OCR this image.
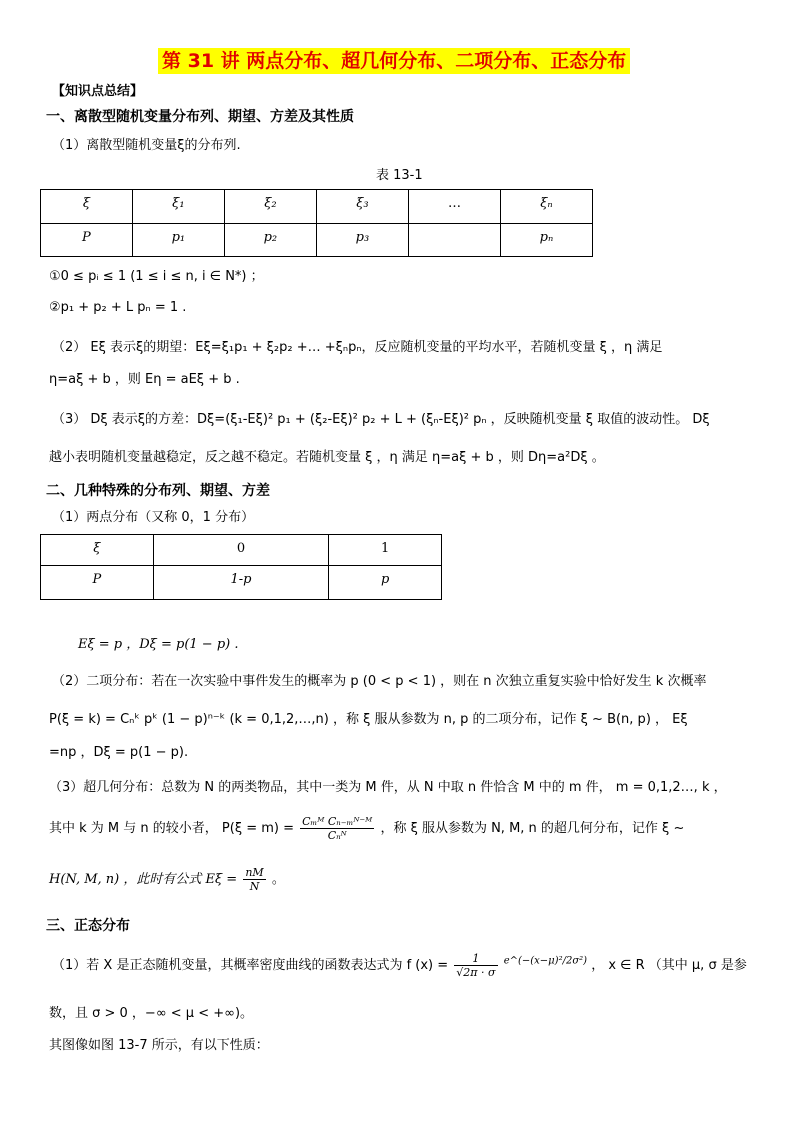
第 31 讲 两点分布、超几何分布、二项分布、正态分布
【知识点总结】
一、离散型随机变量分布列、期望、方差及其性质
（1）离散型随机变量ξ的分布列.
表 13-1
ξ	ξ₁	ξ₂	ξ₃	…	ξₙ
P	p₁	p₂	p₃		pₙ
①0 ≤ pᵢ ≤ 1 (1 ≤ i ≤ n, i ∈ N*) ；
②p₁ + p₂ + L pₙ = 1 .
（2） Eξ 表示ξ的期望：Eξ=ξ₁p₁ + ξ₂p₂ +… +ξₙpₙ，反应随机变量的平均水平，若随机变量 ξ ，η 满足
η=aξ + b ，则 Eη = aEξ + b .
（3） Dξ 表示ξ的方差：Dξ=(ξ₁-Eξ)² p₁ + (ξ₂-Eξ)² p₂ + L + (ξₙ-Eξ)² pₙ ，反映随机变量 ξ 取值的波动性。 Dξ
越小表明随机变量越稳定，反之越不稳定。若随机变量 ξ ，η 满足 η=aξ + b ，则 Dη=a²Dξ 。
二、几种特殊的分布列、期望、方差
（1）两点分布（又称 0，1 分布）
ξ	0	1
P	1-p	p
Eξ = p ，Dξ = p(1 − p) .
（2）二项分布：若在一次实验中事件发生的概率为 p (0 < p < 1) ，则在 n 次独立重复实验中恰好发生 k 次概率
P(ξ = k) = Cₙᵏ pᵏ (1 − p)ⁿ⁻ᵏ (k = 0,1,2,…,n) ，称 ξ 服从参数为 n, p 的二项分布，记作 ξ ~ B(n, p) ， Eξ
=np ，Dξ = p(1 − p).
（3）超几何分布：总数为 N 的两类物品，其中一类为 M 件，从 N 中取 n 件恰含 M 中的 m 件， m = 0,1,2…, k ，
其中 k 为 M 与 n 的较小者， $P(\xi = m) = \frac{\text{Cₘᴹ Cₙ₋ₘᴺ⁻ᴹ}}{\text{Cₙᴺ}}$ ，称 ξ 服从参数为 N, M, n 的超几何分布，记作 ξ ~
H(N, M, n) ，此时有公式 $E\xi = \frac{nM}{N}$ 。
三、正态分布
（1）若 X 是正态随机变量，其概率密度曲线的函数表达式为 f $(x) = \frac{1}{√2\pi \cdot \sigma} ^{e\^{}(-(x-\mu)^2/2\sigma^2)}$ ， x ∈ R （其中 μ, σ 是参
数，且 σ > 0 ，−∞ < μ < +∞)。
其图像如图 13-7 所示，有以下性质：
